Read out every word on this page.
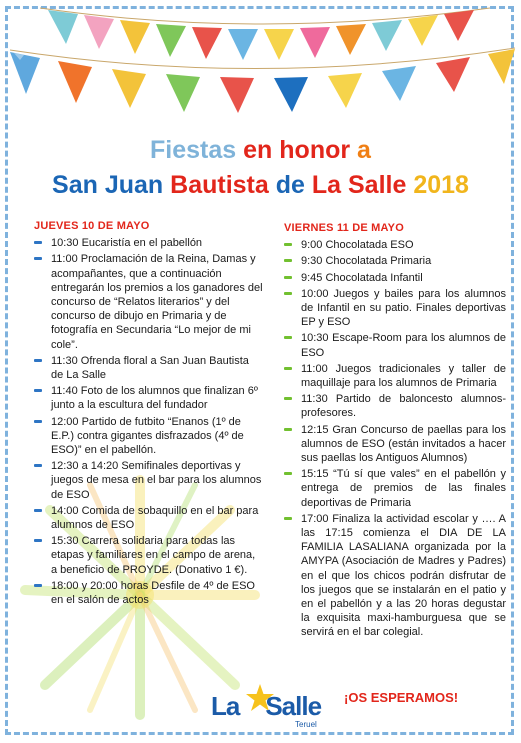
Fiestas en honor a
San Juan Bautista de La Salle 2018
JUEVES 10 DE MAYO
10:30 Eucaristía en el pabellón
11:00 Proclamación de la Reina, Damas y acompañantes, que a continuación entregarán los premios a los ganadores del concurso de “Relatos literarios” y del concurso de dibujo en Primaria y de fotografía en Secundaria “Lo mejor de mi cole”.
11:30 Ofrenda floral a San Juan Bautista de La Salle
11:40 Foto de los alumnos que finalizan 6º junto a la escultura del fundador
12:00 Partido de futbito “Enanos (1º de E.P.) contra gigantes disfrazados (4º de ESO)” en el pabellón.
12:30 a 14:20 Semifinales deportivas y juegos de mesa en el bar para los alumnos de ESO
14:00 Comida de sobaquillo en el bar para alumnos de ESO
15:30 Carrera solidaria para todas las etapas y familiares en el campo de arena, a beneficio de PROYDE. (Donativo 1 €).
18:00 y 20:00 horas Desfile de 4º de ESO en el salón de actos
VIERNES 11 DE MAYO
9:00 Chocolatada ESO
9:30 Chocolatada Primaria
9:45 Chocolatada Infantil
10:00 Juegos y bailes para los alumnos de Infantil en su patio. Finales deportivas EP y ESO
10:30 Escape-Room para los alumnos de ESO
11:00 Juegos tradicionales y taller de maquillaje para los alumnos de Primaria
11:30 Partido de baloncesto alumnos-profesores.
12:15 Gran Concurso de paellas para los alumnos de ESO (están invitados a hacer sus paellas los Antiguos Alumnos)
15:15 “Tú sí que vales” en el pabellón y entrega de premios de las finales deportivas de Primaria
17:00 Finaliza la actividad escolar y …. A las 17:15 comienza el DIA DE LA FAMILIA LASALIANA organizada por la AMYPA (Asociación de Madres y Padres) en el que los chicos podrán disfrutar de los juegos que se instalarán en el patio y en el pabellón y a las 20 horas degustar la exquisita maxi-hamburguesa que se servirá en el bar colegial.
La Salle
Teruel
¡OS ESPERAMOS!
